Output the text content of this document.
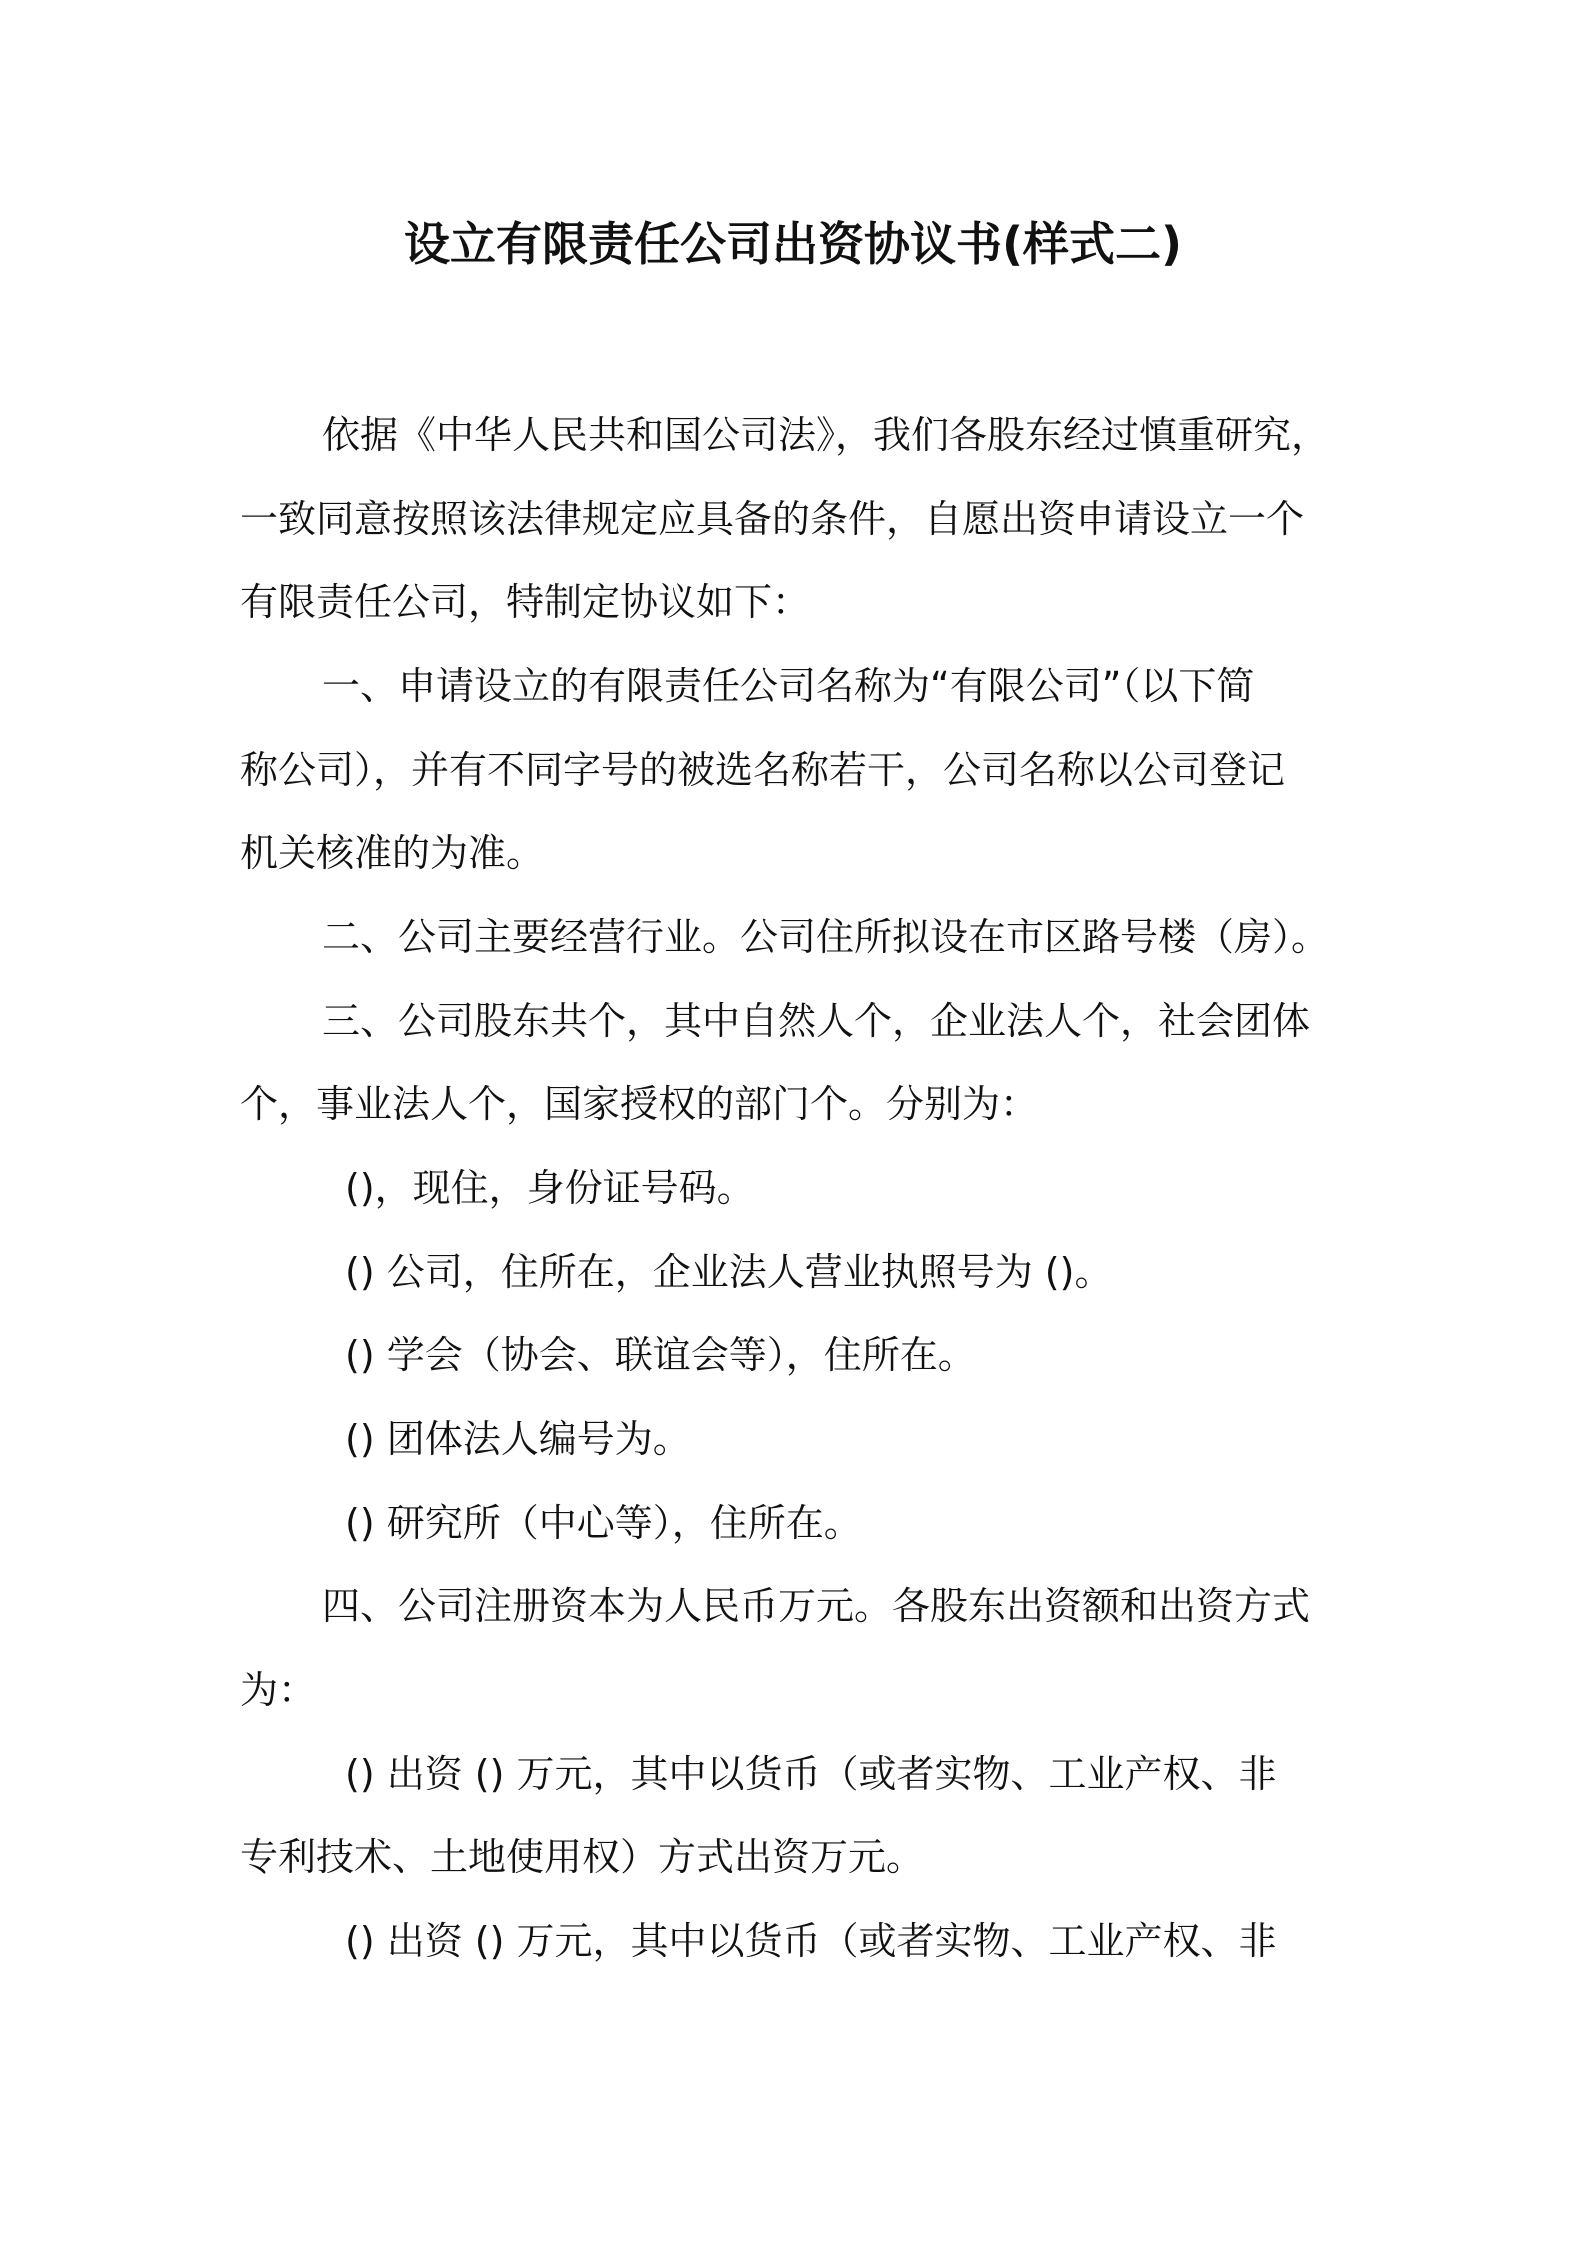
设立有限责任公司出资协议书(样式二)

依据《中华人民共和国公司法》，我们各股东经过慎重研究，

一致同意按照该法律规定应具备的条件，自愿出资申请设立一个

有限责任公司，特制定协议如下：

一、申请设立的有限责任公司名称为“有限公司”（以下简

称公司），并有不同字号的被选名称若干，公司名称以公司登记

机关核准的为准。

二、公司主要经营行业。公司住所拟设在市区路号楼（房）。

三、公司股东共个，其中自然人个，企业法人个，社会团体

个，事业法人个，国家授权的部门个。分别为：

()，现住，身份证号码。

() 公司，住所在，企业法人营业执照号为 ()。

() 学会（协会、联谊会等），住所在。

() 团体法人编号为。

() 研究所（中心等），住所在。

四、公司注册资本为人民币万元。各股东出资额和出资方式

为：

() 出资 () 万元，其中以货币（或者实物、工业产权、非

专利技术、土地使用权）方式出资万元。

() 出资 () 万元，其中以货币（或者实物、工业产权、非
